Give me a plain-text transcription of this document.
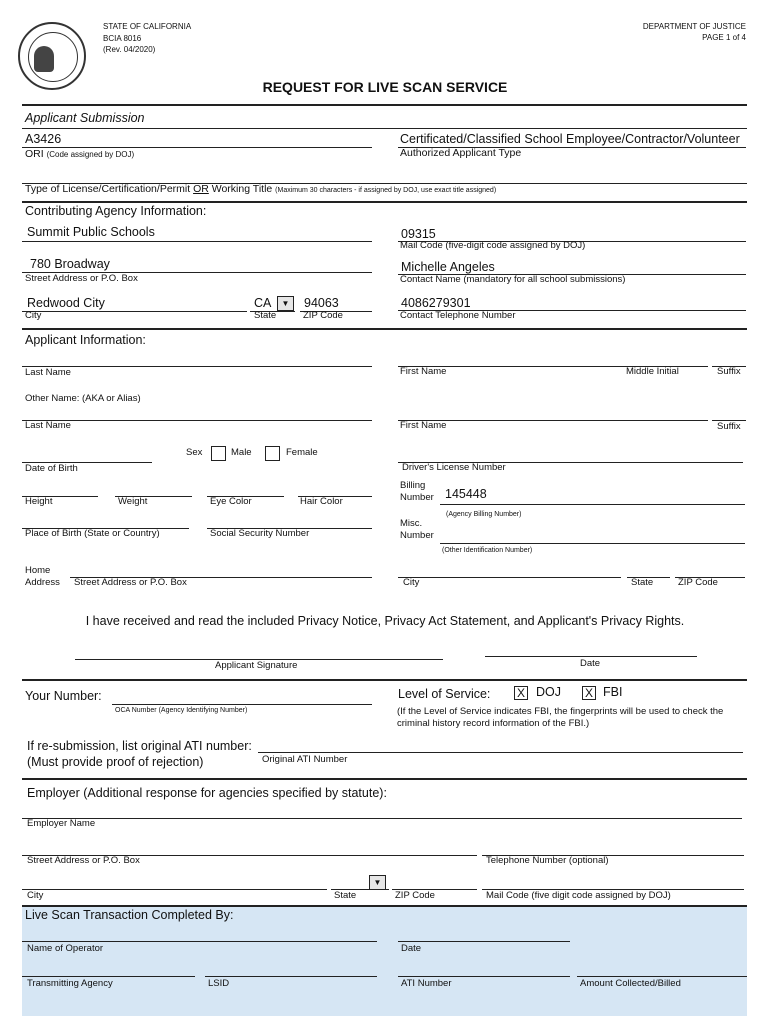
STATE OF CALIFORNIA
BCIA 8016
(Rev. 04/2020)
DEPARTMENT OF JUSTICE
PAGE 1 of 4
REQUEST FOR LIVE SCAN SERVICE
Applicant Submission
A3426
ORI (Code assigned by DOJ)
Certificated/Classified School Employee/Contractor/Volunteer
Authorized Applicant Type
Type of License/Certification/Permit OR Working Title (Maximum 30 characters - if assigned by DOJ, use exact title assigned)
Contributing Agency Information:
Summit Public Schools	09315
Mail Code (five-digit code assigned by DOJ)
780 Broadway
Street Address or P.O. Box
Michelle Angeles
Contact Name (mandatory for all school submissions)
Redwood City
City
CA	▼
State
94063
ZIP Code
4086279301
Contact Telephone Number
Applicant Information:
Last Name	First Name	Middle Initial	Suffix
Other Name: (AKA or Alias)
Last Name	First Name	Suffix
Sex	Male	Female
Date of Birth	Driver's License Number
Height	Weight	Eye Color	Hair Color
Billing
Number 145448
(Agency Billing Number)
Place of Birth (State or Country)	Social Security Number
Misc.
Number
(Other Identification Number)
Home
Address Street Address or P.O. Box	City	State	ZIP Code
I have received and read the included Privacy Notice, Privacy Act Statement, and Applicant's Privacy Rights.
Applicant Signature	Date
Your Number:
OCA Number (Agency Identifying Number)
Level of Service: X DOJ X FBI
(If the Level of Service indicates FBI, the fingerprints will be used to check the criminal history record information of the FBI.)
If re-submission, list original ATI number:
(Must provide proof of rejection)	Original ATI Number
Employer (Additional response for agencies specified by statute):
Employer Name
Street Address or P.O. Box	Telephone Number (optional)
City
▼
State	ZIP Code	Mail Code (five digit code assigned by DOJ)
Live Scan Transaction Completed By:
Name of Operator	Date
Transmitting Agency	LSID	ATI Number	Amount Collected/Billed
